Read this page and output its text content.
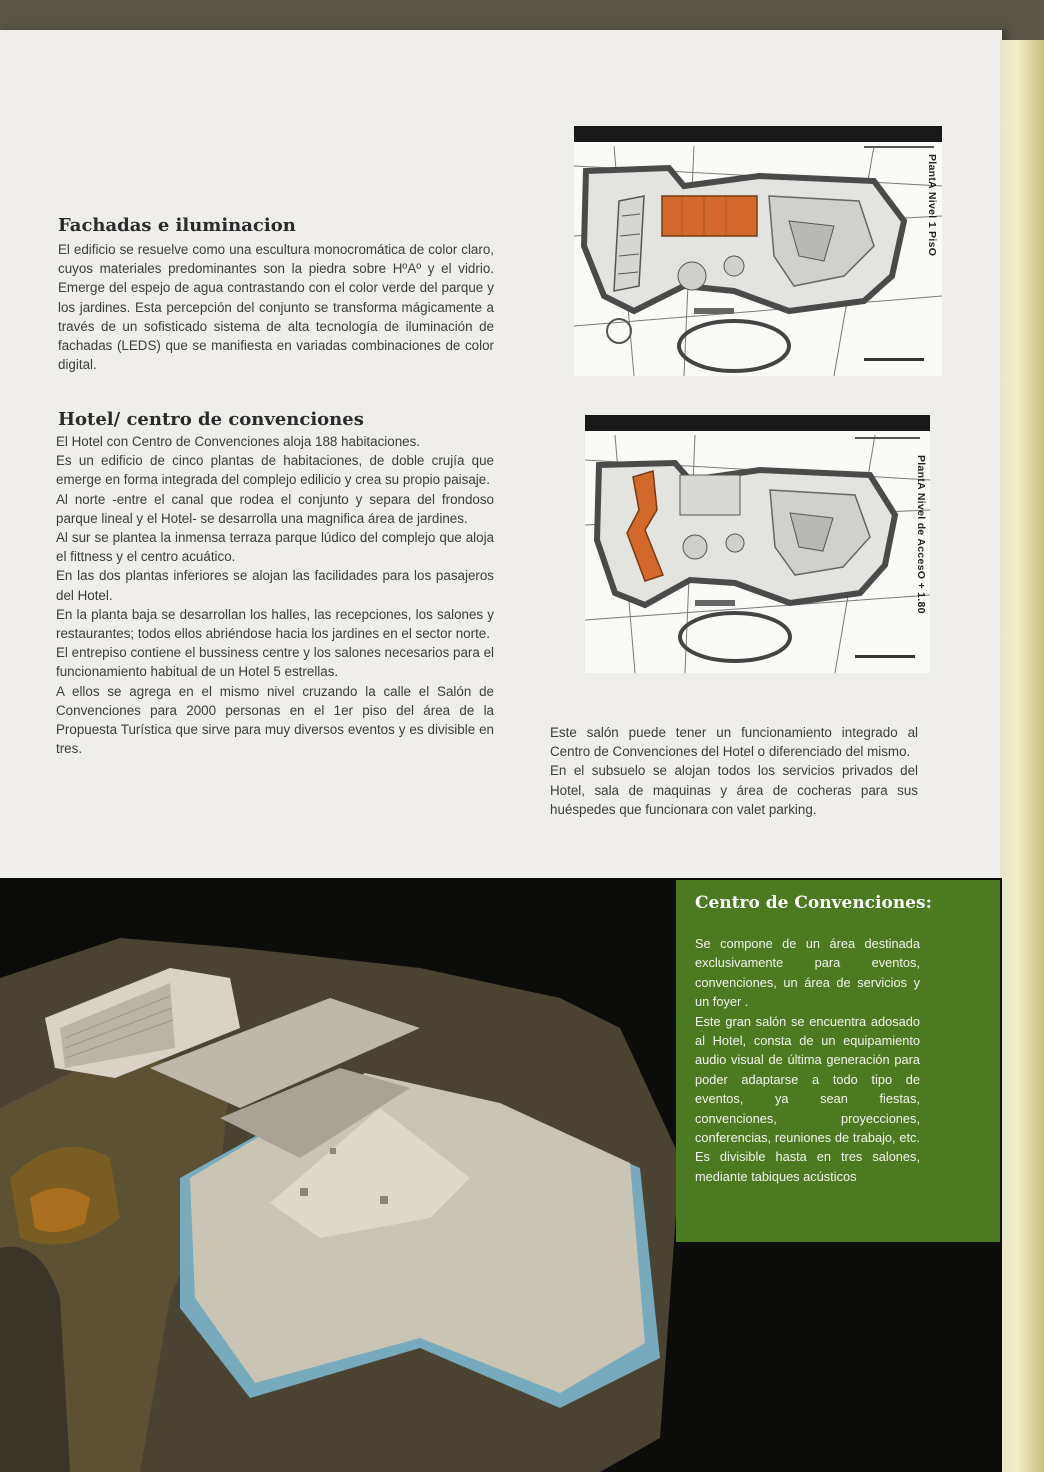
Fachadas e iluminacion

El edificio se resuelve como una escultura monocromática de color claro, cuyos materiales predominantes son la piedra sobre HºAº y el vidrio. Emerge del espejo de agua contrastando con el color verde del parque y los jardines. Esta percepción del conjunto se transforma mágicamente a través de un sofisticado sistema de alta tecnología de iluminación de fachadas (LEDS) que se manifiesta en variadas combinaciones de color digital.

Hotel/ centro de convenciones

El Hotel con Centro de Convenciones aloja 188 habitaciones.

Es un edificio de cinco plantas de habitaciones, de doble crujía que emerge en forma integrada del complejo edilicio y crea su propio paisaje.

Al norte -entre el canal que rodea el conjunto y separa del frondoso parque lineal y el Hotel- se desarrolla una magnifica área de jardines.

Al sur se plantea la inmensa terraza parque lúdico del complejo que aloja el fittness y el centro acuático.

En las dos plantas inferiores se alojan las facilidades para los pasajeros del Hotel.

En la planta baja se desarrollan los halles, las recepciones, los salones y restaurantes; todos ellos abriéndose hacia los jardines en el sector norte.

El entrepiso contiene el bussiness centre y los salones necesarios para el funcionamiento habitual de un Hotel 5 estrellas.

A ellos se agrega en el mismo nivel cruzando la calle el Salón de Convenciones para 2000 personas en el 1er piso del área de la Propuesta Turística que sirve para muy diversos eventos y es divisible en tres.

Este salón puede tener un funcionamiento integrado al Centro de Convenciones del Hotel o diferenciado del mismo.

En el subsuelo se alojan todos los servicios privados del Hotel, sala de maquinas y área de cocheras para sus huéspedes que funcionara con valet parking.

PlantA Nivel 1 PisO
PlantA Nivel de AccesO + 1.80
Centro de Convenciones:

Se compone de un área destinada exclusivamente para eventos, convenciones, un área de servicios y un foyer .

Este gran salón se encuentra adosado al Hotel, consta de un equipamiento audio visual de última generación para poder adaptarse a todo tipo de eventos, ya sean fiestas, convenciones, proyecciones, conferencias, reuniones de trabajo, etc. Es divisible hasta en tres salones, mediante tabiques acústicos
